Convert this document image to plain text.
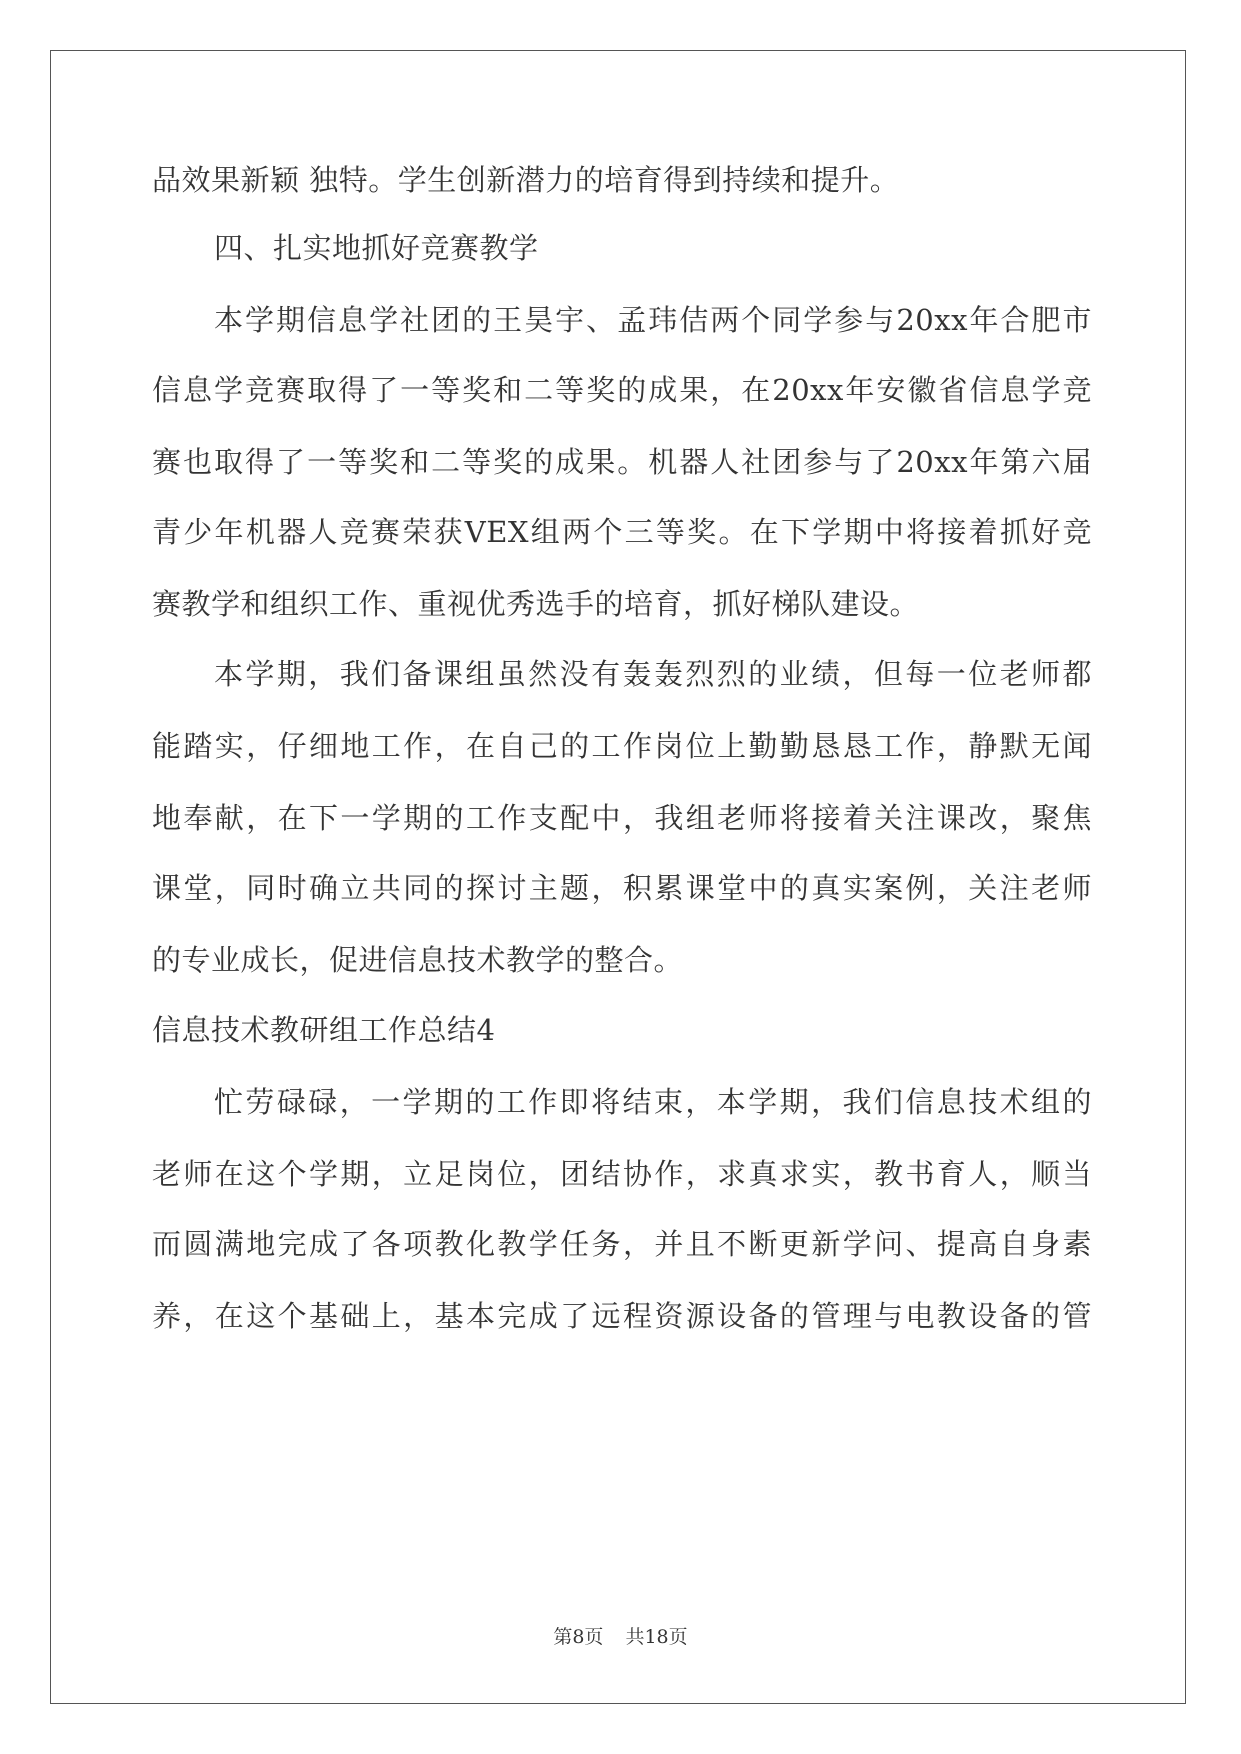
品效果新颖 独特。学生创新潜力的培育得到持续和提升。
四、扎实地抓好竞赛教学
本学期信息学社团的王昊宇、孟玮佶两个同学参与20xx年合肥市
信息学竞赛取得了一等奖和二等奖的成果，在20xx年安徽省信息学竞
赛也取得了一等奖和二等奖的成果。机器人社团参与了20xx年第六届
青少年机器人竞赛荣获VEX组两个三等奖。在下学期中将接着抓好竞
赛教学和组织工作、重视优秀选手的培育，抓好梯队建设。
本学期，我们备课组虽然没有轰轰烈烈的业绩，但每一位老师都
能踏实，仔细地工作，在自己的工作岗位上勤勤恳恳工作，静默无闻
地奉献，在下一学期的工作支配中，我组老师将接着关注课改，聚焦
课堂，同时确立共同的探讨主题，积累课堂中的真实案例，关注老师
的专业成长，促进信息技术教学的整合。
信息技术教研组工作总结4
忙劳碌碌，一学期的工作即将结束，本学期，我们信息技术组的
老师在这个学期，立足岗位，团结协作，求真求实，教书育人，顺当
而圆满地完成了各项教化教学任务，并且不断更新学问、提高自身素
养，在这个基础上，基本完成了远程资源设备的管理与电教设备的管
第8页 共18页
